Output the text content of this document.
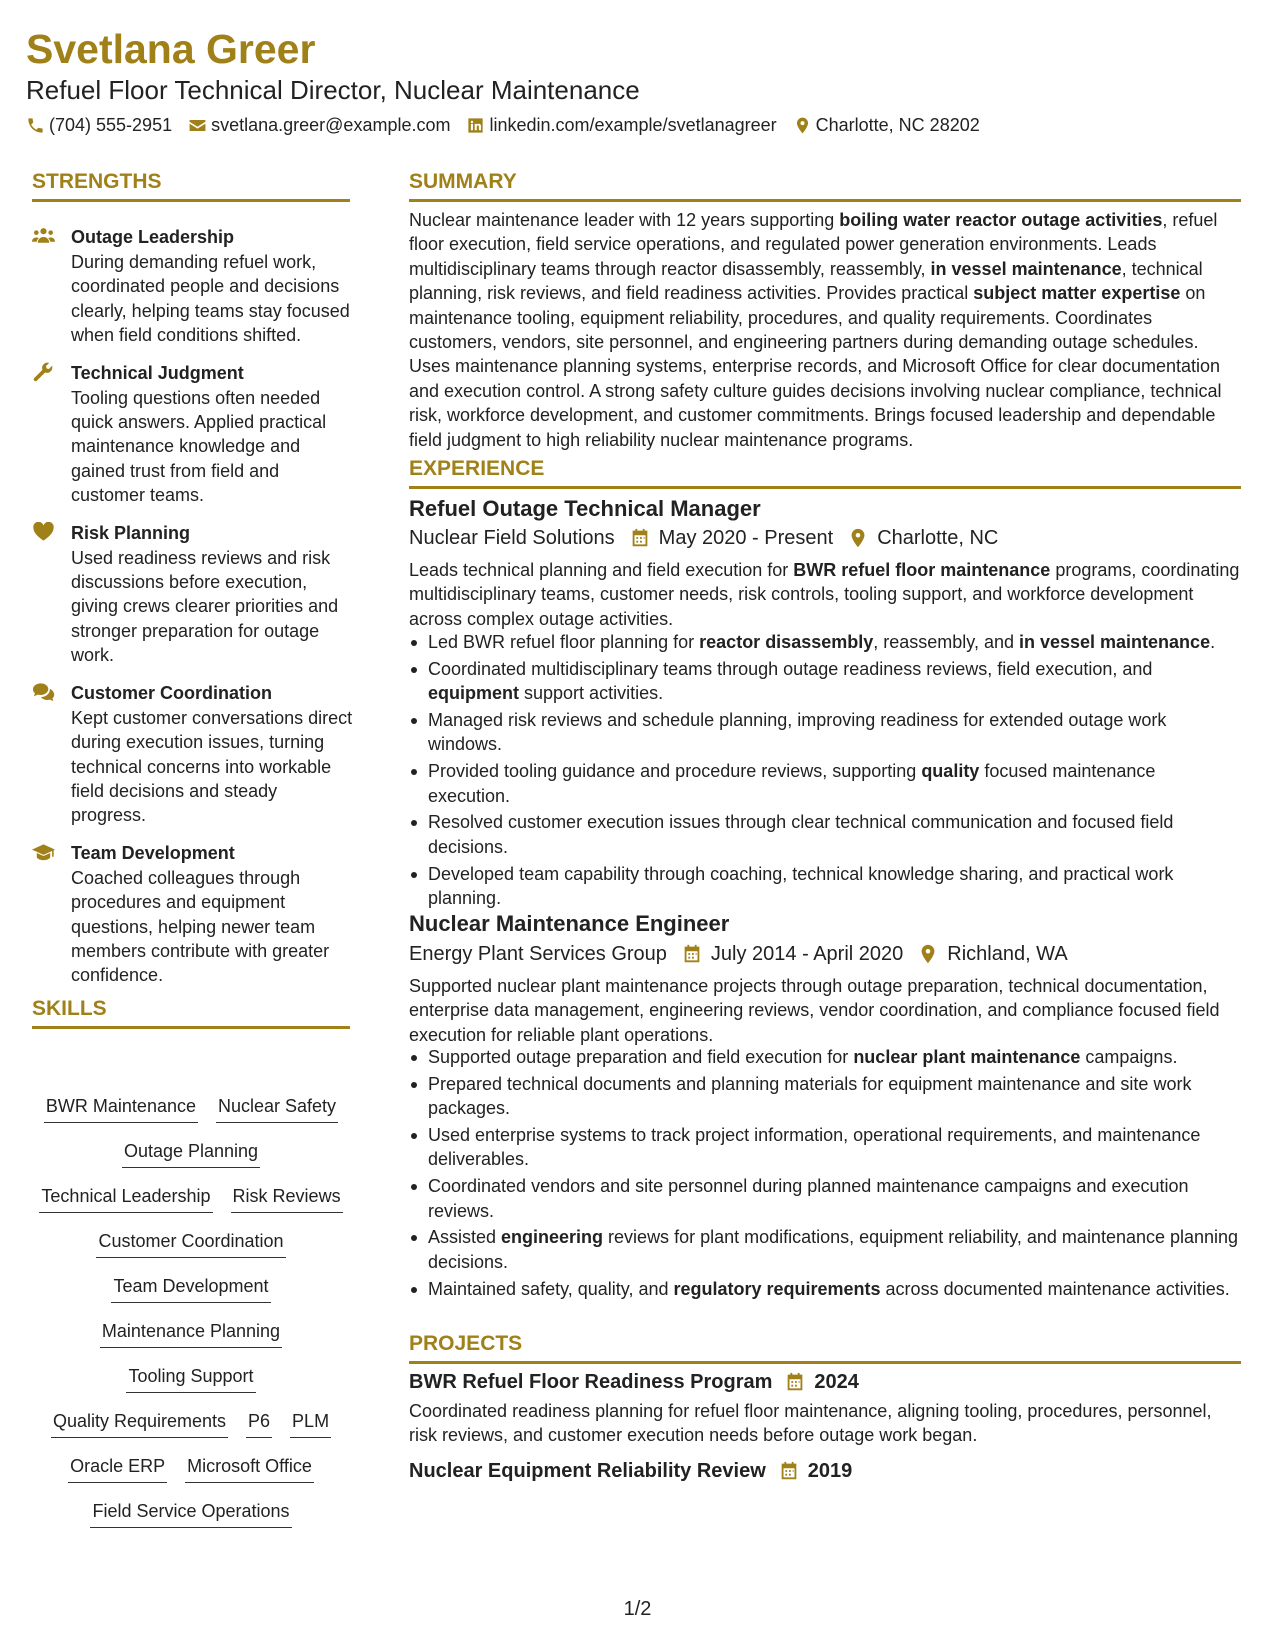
Svetlana Greer
Refuel Floor Technical Director, Nuclear Maintenance
(704) 555-2951 svetlana.greer@example.com linkedin.com/example/svetlanagreer Charlotte, NC 28202
STRENGTHS
Outage Leadership
During demanding refuel work, coordinated people and decisions clearly, helping teams stay focused when field conditions shifted.
Technical Judgment
Tooling questions often needed quick answers. Applied practical maintenance knowledge and gained trust from field and customer teams.
Risk Planning
Used readiness reviews and risk discussions before execution, giving crews clearer priorities and stronger preparation for outage work.
Customer Coordination
Kept customer conversations direct during execution issues, turning technical concerns into workable field decisions and steady progress.
Team Development
Coached colleagues through procedures and equipment questions, helping newer team members contribute with greater confidence.
SKILLS
BWR Maintenance Nuclear Safety
Outage Planning
Technical Leadership Risk Reviews
Customer Coordination
Team Development
Maintenance Planning
Tooling Support
Quality Requirements P6 PLM
Oracle ERP Microsoft Office
Field Service Operations
SUMMARY
Nuclear maintenance leader with 12 years supporting boiling water reactor outage activities, refuel floor execution, field service operations, and regulated power generation environments. Leads multidisciplinary teams through reactor disassembly, reassembly, in vessel maintenance, technical planning, risk reviews, and field readiness activities. Provides practical subject matter expertise on maintenance tooling, equipment reliability, procedures, and quality requirements. Coordinates customers, vendors, site personnel, and engineering partners during demanding outage schedules. Uses maintenance planning systems, enterprise records, and Microsoft Office for clear documentation and execution control. A strong safety culture guides decisions involving nuclear compliance, technical risk, workforce development, and customer commitments. Brings focused leadership and dependable field judgment to high reliability nuclear maintenance programs.
EXPERIENCE
Refuel Outage Technical Manager
Nuclear Field Solutions May 2020 - Present Charlotte, NC
Leads technical planning and field execution for BWR refuel floor maintenance programs, coordinating multidisciplinary teams, customer needs, risk controls, tooling support, and workforce development across complex outage activities.
Led BWR refuel floor planning for reactor disassembly, reassembly, and in vessel maintenance.
Coordinated multidisciplinary teams through outage readiness reviews, field execution, and equipment support activities.
Managed risk reviews and schedule planning, improving readiness for extended outage work windows.
Provided tooling guidance and procedure reviews, supporting quality focused maintenance execution.
Resolved customer execution issues through clear technical communication and focused field decisions.
Developed team capability through coaching, technical knowledge sharing, and practical work planning.
Nuclear Maintenance Engineer
Energy Plant Services Group July 2014 - April 2020 Richland, WA
Supported nuclear plant maintenance projects through outage preparation, technical documentation, enterprise data management, engineering reviews, vendor coordination, and compliance focused field execution for reliable plant operations.
Supported outage preparation and field execution for nuclear plant maintenance campaigns.
Prepared technical documents and planning materials for equipment maintenance and site work packages.
Used enterprise systems to track project information, operational requirements, and maintenance deliverables.
Coordinated vendors and site personnel during planned maintenance campaigns and execution reviews.
Assisted engineering reviews for plant modifications, equipment reliability, and maintenance planning decisions.
Maintained safety, quality, and regulatory requirements across documented maintenance activities.
PROJECTS
BWR Refuel Floor Readiness Program 2024
Coordinated readiness planning for refuel floor maintenance, aligning tooling, procedures, personnel, risk reviews, and customer execution needs before outage work began.
Nuclear Equipment Reliability Review 2019
1/2
